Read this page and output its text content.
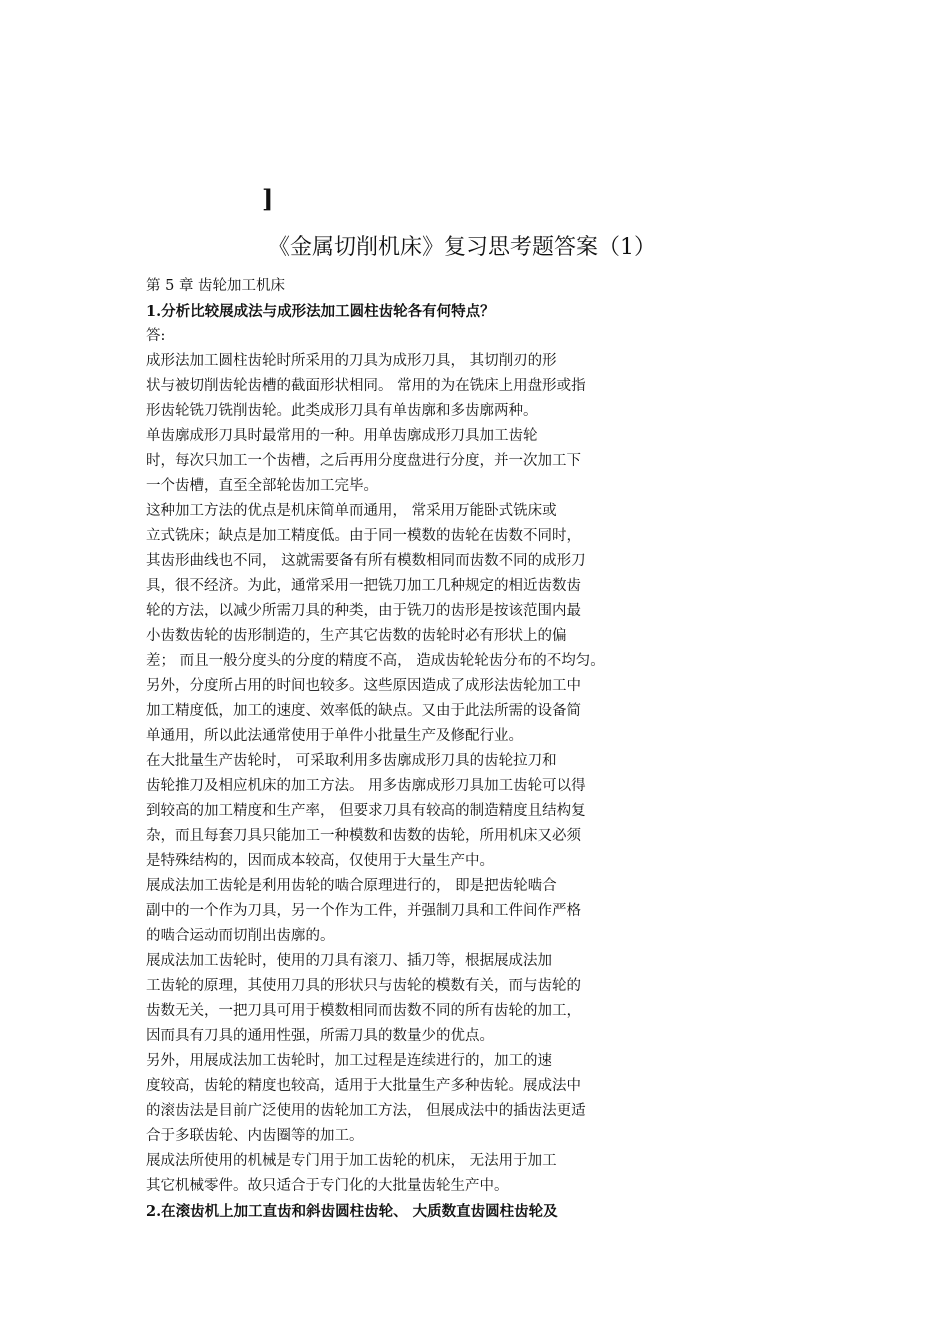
]
《金属切削机床》复习思考题答案（1）
第 5 章 齿轮加工机床
1.分析比较展成法与成形法加工圆柱齿轮各有何特点？
答:
成形法加工圆柱齿轮时所采用的刀具为成形刀具， 其切削刃的形
状与被切削齿轮齿槽的截面形状相同。 常用的为在铣床上用盘形或指
形齿轮铣刀铣削齿轮。此类成形刀具有单齿廓和多齿廓两种。
单齿廓成形刀具时最常用的一种。用单齿廓成形刀具加工齿轮
时，每次只加工一个齿槽，之后再用分度盘进行分度，并一次加工下
一个齿槽，直至全部轮齿加工完毕。
这种加工方法的优点是机床简单而通用， 常采用万能卧式铣床或
立式铣床；缺点是加工精度低。由于同一模数的齿轮在齿数不同时，
其齿形曲线也不同， 这就需要备有所有模数相同而齿数不同的成形刀
具，很不经济。为此，通常采用一把铣刀加工几种规定的相近齿数齿
轮的方法，以减少所需刀具的种类，由于铣刀的齿形是按该范围内最
小齿数齿轮的齿形制造的，生产其它齿数的齿轮时必有形状上的偏
差； 而且一般分度头的分度的精度不高， 造成齿轮轮齿分布的不均匀。
另外，分度所占用的时间也较多。这些原因造成了成形法齿轮加工中
加工精度低，加工的速度、效率低的缺点。又由于此法所需的设备简
单通用，所以此法通常使用于单件小批量生产及修配行业。
在大批量生产齿轮时， 可采取利用多齿廓成形刀具的齿轮拉刀和
齿轮推刀及相应机床的加工方法。 用多齿廓成形刀具加工齿轮可以得
到较高的加工精度和生产率， 但要求刀具有较高的制造精度且结构复
杂，而且每套刀具只能加工一种模数和齿数的齿轮，所用机床又必须
是特殊结构的，因而成本较高，仅使用于大量生产中。
展成法加工齿轮是利用齿轮的啮合原理进行的， 即是把齿轮啮合
副中的一个作为刀具，另一个作为工件，并强制刀具和工件间作严格
的啮合运动而切削出齿廓的。
展成法加工齿轮时，使用的刀具有滚刀、插刀等，根据展成法加
工齿轮的原理，其使用刀具的形状只与齿轮的模数有关，而与齿轮的
齿数无关，一把刀具可用于模数相同而齿数不同的所有齿轮的加工，
因而具有刀具的通用性强，所需刀具的数量少的优点。
另外，用展成法加工齿轮时，加工过程是连续进行的，加工的速
度较高，齿轮的精度也较高，适用于大批量生产多种齿轮。展成法中
的滚齿法是目前广泛使用的齿轮加工方法， 但展成法中的插齿法更适
合于多联齿轮、内齿圈等的加工。
展成法所使用的机械是专门用于加工齿轮的机床， 无法用于加工
其它机械零件。故只适合于专门化的大批量齿轮生产中。
2.在滚齿机上加工直齿和斜齿圆柱齿轮、 大质数直齿圆柱齿轮及
